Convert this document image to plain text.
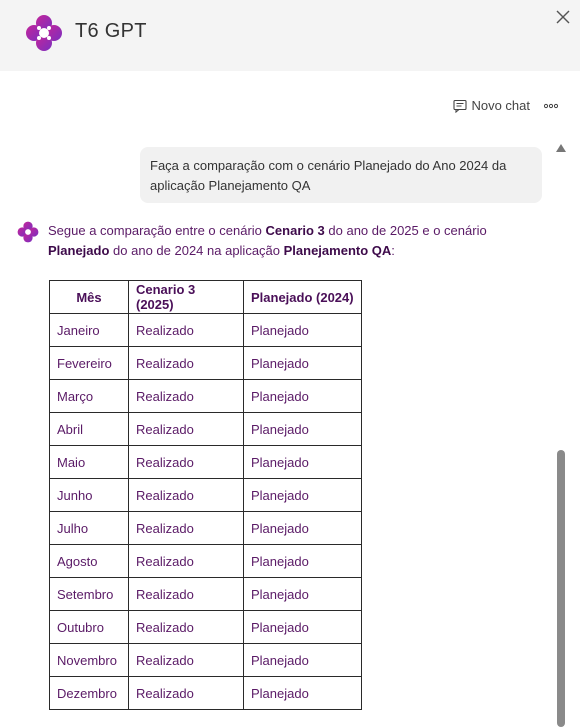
T6 GPT
Novo chat
Faça a comparação com o cenário Planejado do Ano 2024 da aplicação Planejamento QA
Segue a comparação entre o cenário Cenario 3 do ano de 2025 e o cenário Planejado do ano de 2024 na aplicação Planejamento QA:
Mês	Cenario 3 (2025)	Planejado (2024)
Janeiro	Realizado	Planejado
Fevereiro	Realizado	Planejado
Março	Realizado	Planejado
Abril	Realizado	Planejado
Maio	Realizado	Planejado
Junho	Realizado	Planejado
Julho	Realizado	Planejado
Agosto	Realizado	Planejado
Setembro	Realizado	Planejado
Outubro	Realizado	Planejado
Novembro	Realizado	Planejado
Dezembro	Realizado	Planejado
